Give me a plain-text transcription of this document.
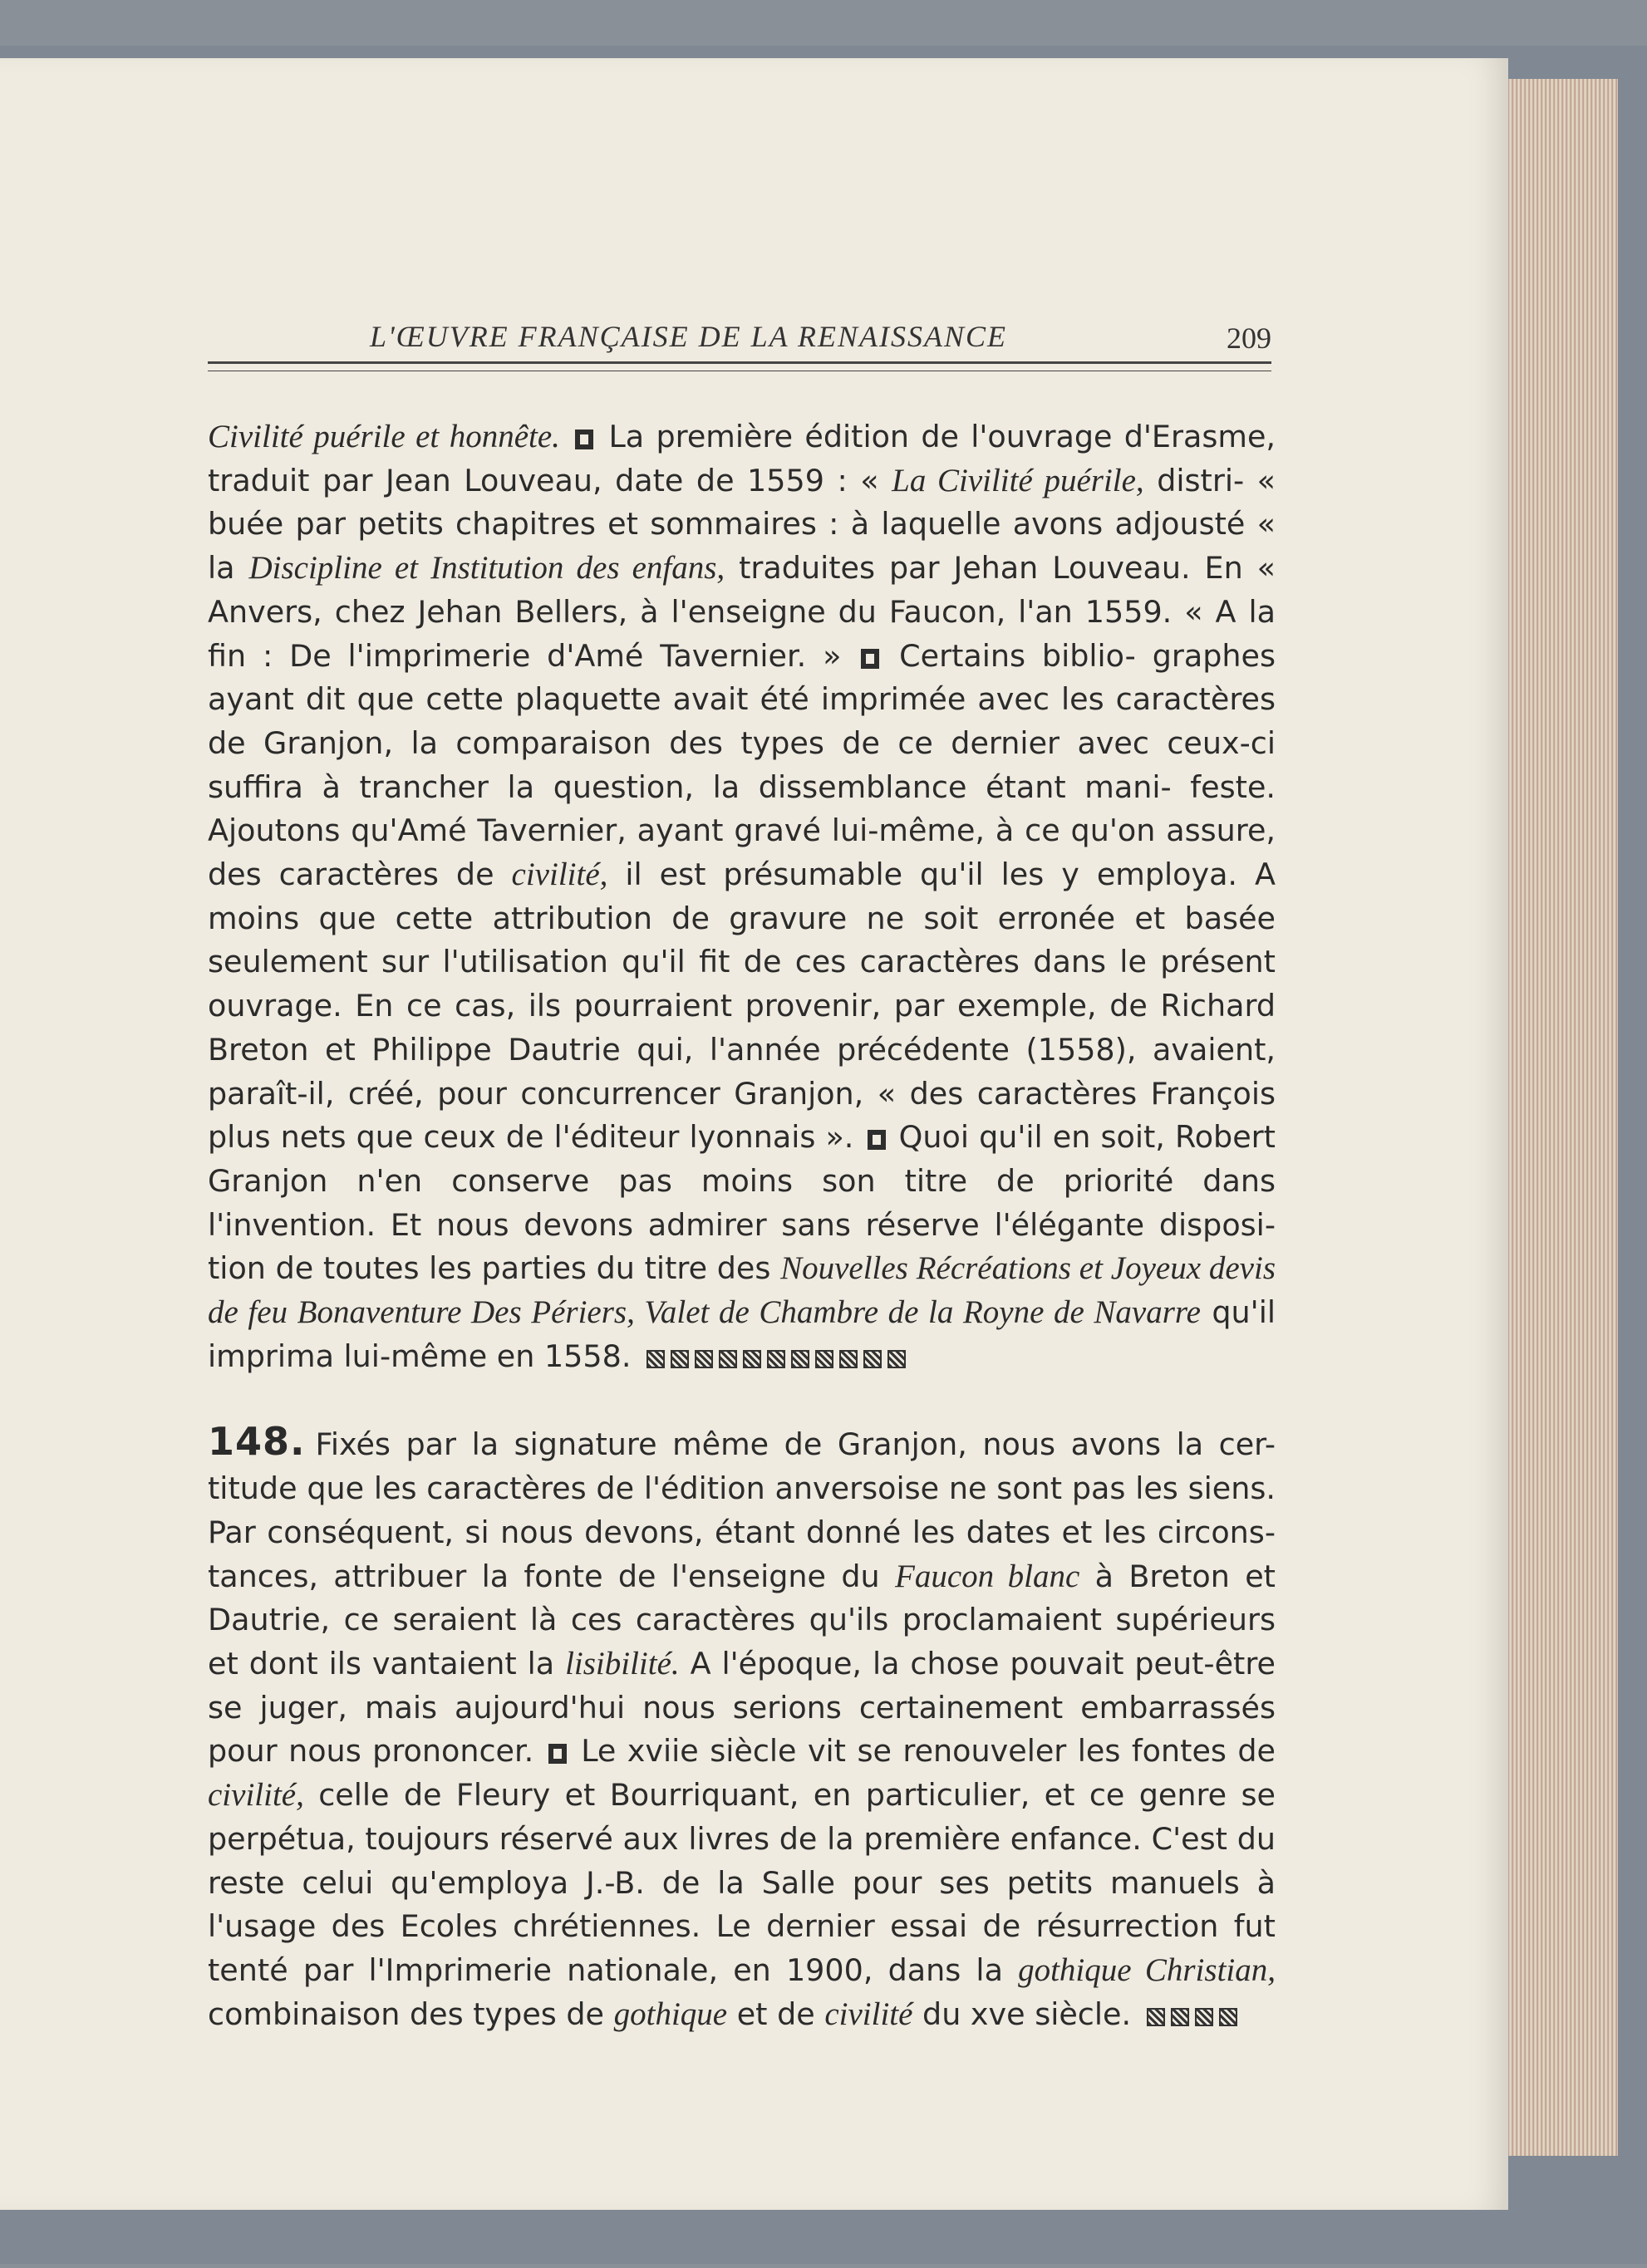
L'ŒUVRE FRANÇAISE DE LA RENAISSANCE	209

Civilité puérile et honnête. La première édition de l'ouvrage d'Erasme, traduit par Jean Louveau, date de 1559 : « La Civilité puérile, distri- « buée par petits chapitres et sommaires : à laquelle avons adjousté « la Discipline et Institution des enfans, traduites par Jehan Louveau. En « Anvers, chez Jehan Bellers, à l'enseigne du Faucon, l'an 1559. « A la fin : De l'imprimerie d'Amé Tavernier. » Certains biblio- graphes ayant dit que cette plaquette avait été imprimée avec les caractères de Granjon, la comparaison des types de ce dernier avec ceux-ci suffira à trancher la question, la dissemblance étant mani- feste. Ajoutons qu'Amé Tavernier, ayant gravé lui-même, à ce qu'on assure, des caractères de civilité, il est présumable qu'il les y employa. A moins que cette attribution de gravure ne soit erronée et basée seulement sur l'utilisation qu'il fit de ces caractères dans le présent ouvrage. En ce cas, ils pourraient provenir, par exemple, de Richard Breton et Philippe Dautrie qui, l'année précédente (1558), avaient, paraît-il, créé, pour concurrencer Granjon, « des caractères François plus nets que ceux de l'éditeur lyonnais ». Quoi qu'il en soit, Robert Granjon n'en conserve pas moins son titre de priorité dans l'invention. Et nous devons admirer sans réserve l'élégante disposi- tion de toutes les parties du titre des Nouvelles Récréations et Joyeux devis de feu Bonaventure Des Périers, Valet de Chambre de la Royne de Navarre qu'il imprima lui-même en 1558.

148. Fixés par la signature même de Granjon, nous avons la cer- titude que les caractères de l'édition anversoise ne sont pas les siens. Par conséquent, si nous devons, étant donné les dates et les circons- tances, attribuer la fonte de l'enseigne du Faucon blanc à Breton et Dautrie, ce seraient là ces caractères qu'ils proclamaient supérieurs et dont ils vantaient la lisibilité. A l'époque, la chose pouvait peut-être se juger, mais aujourd'hui nous serions certainement embarrassés pour nous prononcer. Le xviie siècle vit se renouveler les fontes de civilité, celle de Fleury et Bourriquant, en particulier, et ce genre se perpétua, toujours réservé aux livres de la première enfance. C'est du reste celui qu'employa J.-B. de la Salle pour ses petits manuels à l'usage des Ecoles chrétiennes. Le dernier essai de résurrection fut tenté par l'Imprimerie nationale, en 1900, dans la gothique Christian, combinaison des types de gothique et de civilité du xve siècle.
